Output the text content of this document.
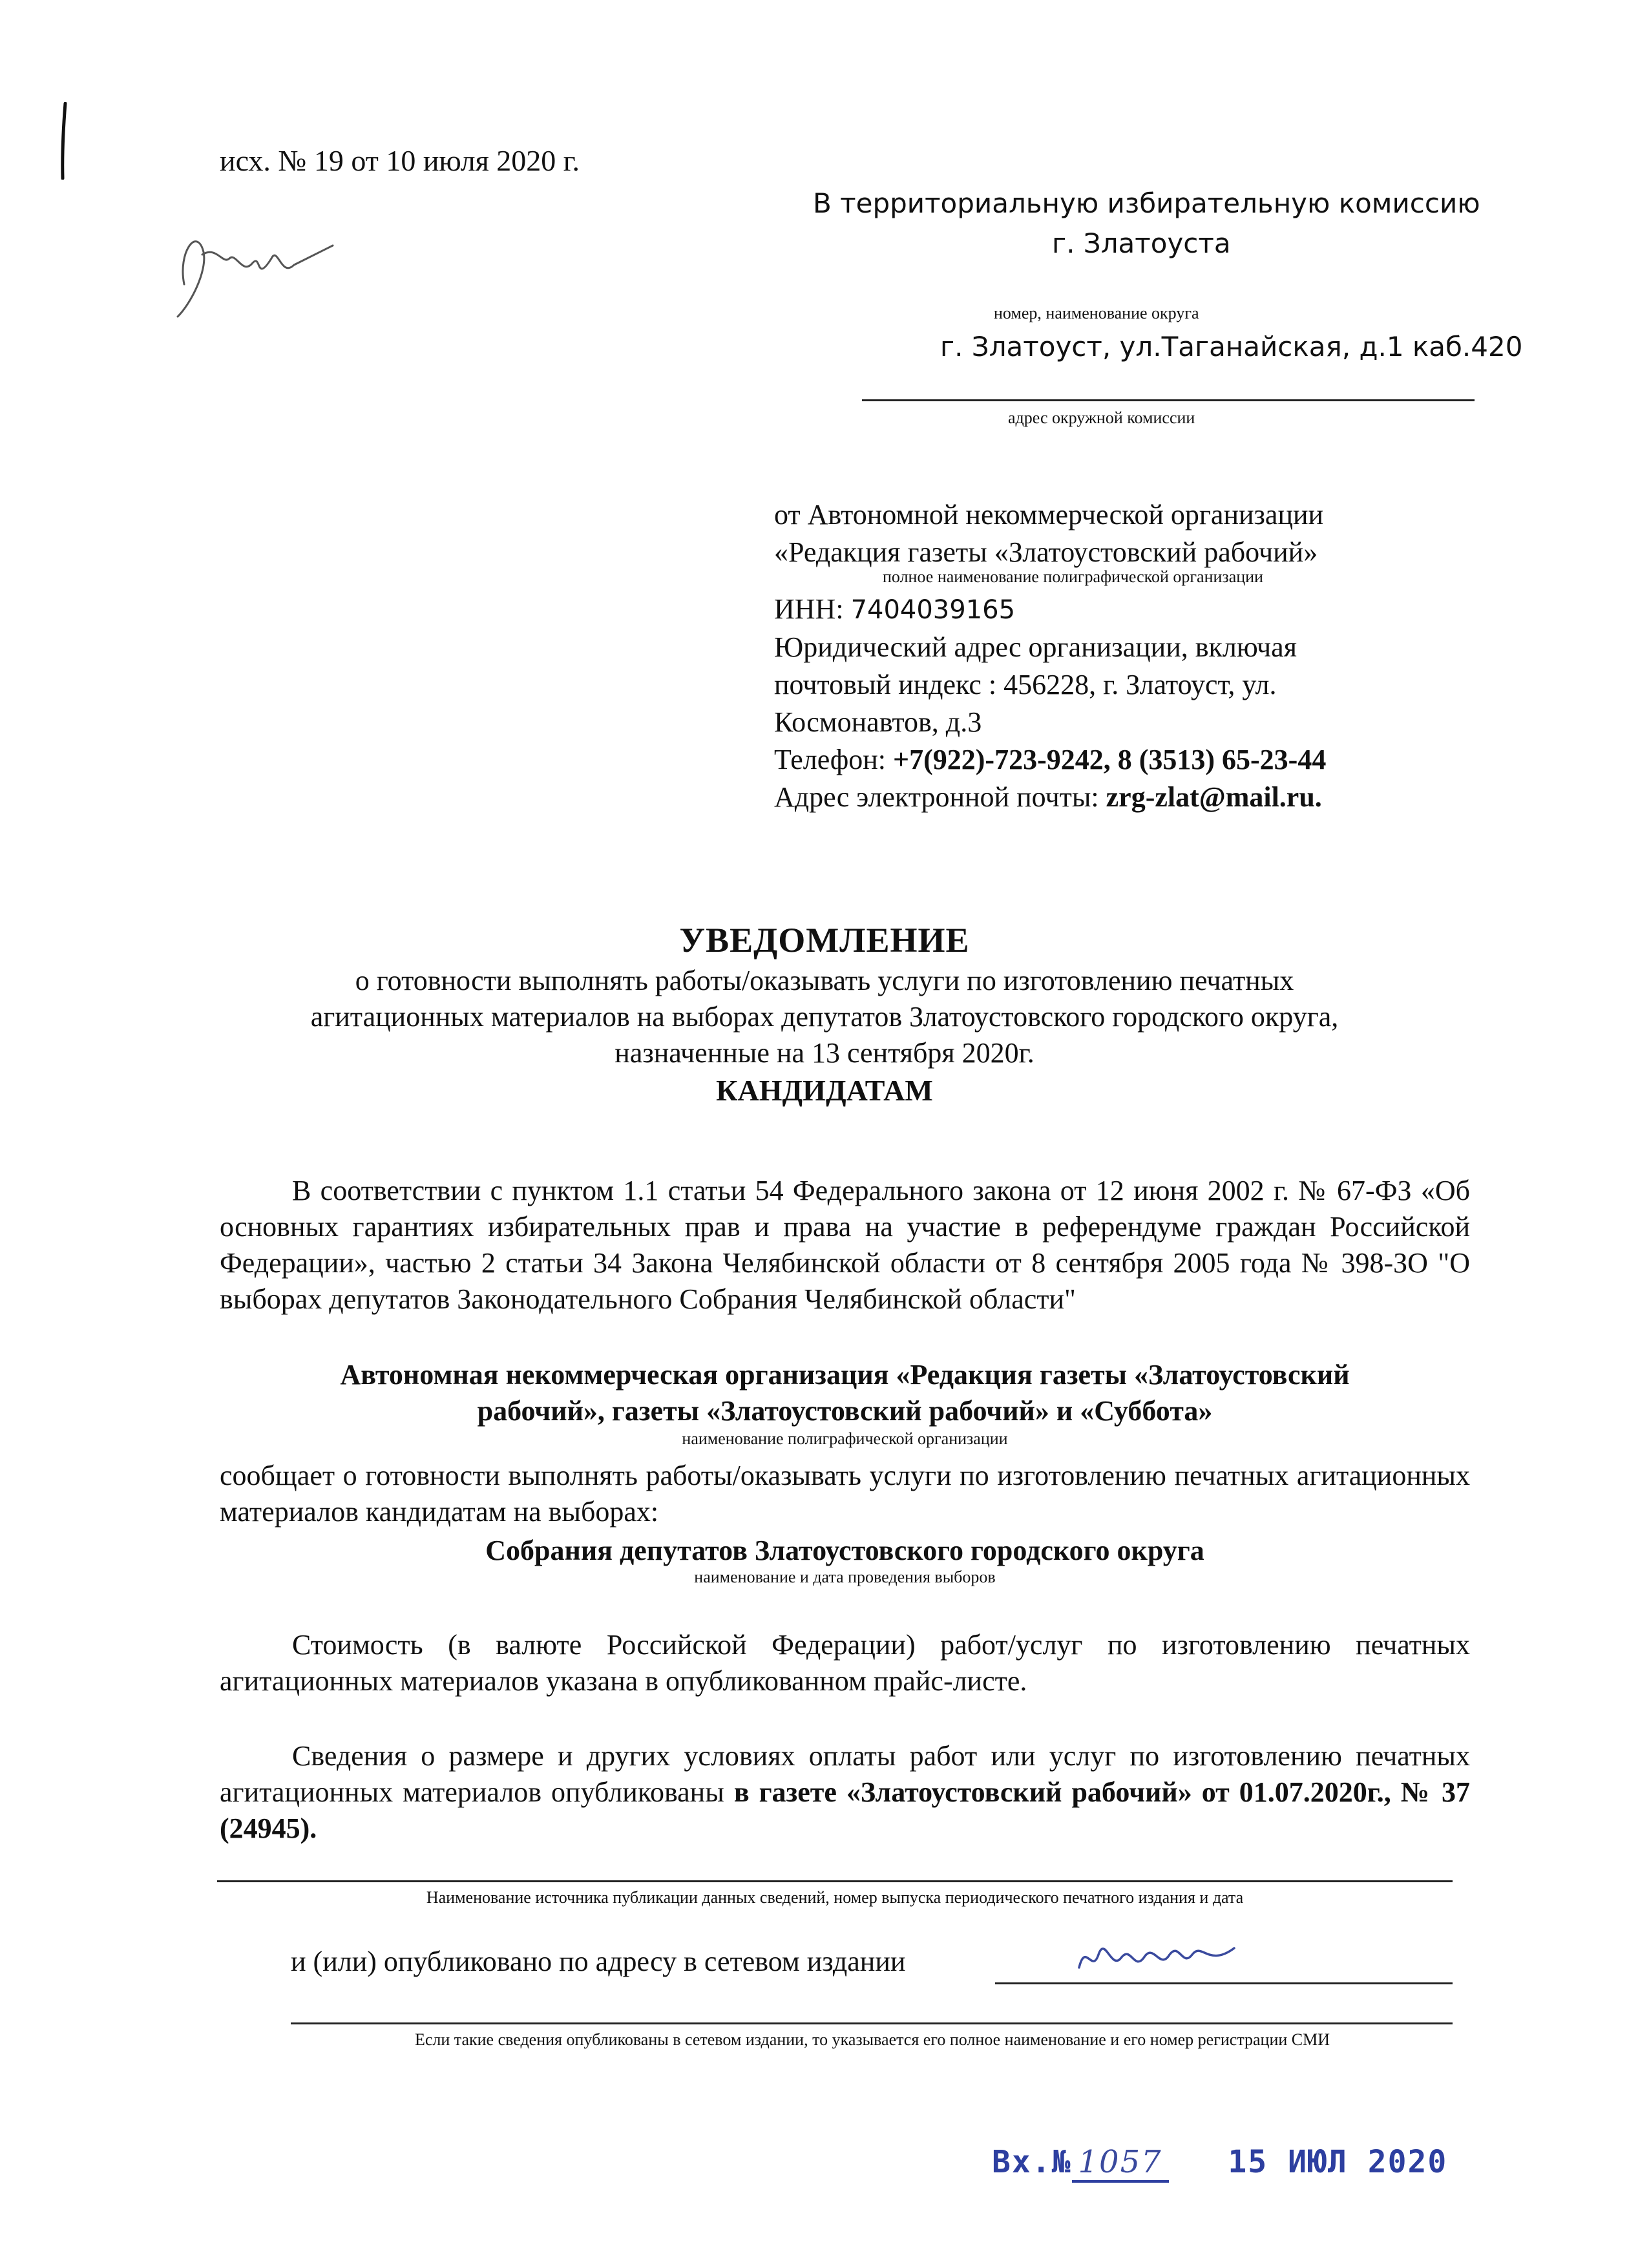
исх. № 19 от 10 июля 2020 г.
В территориальную избирательную комиссию
г. Златоуста
номер, наименование округа
г. Златоуст, ул.Таганайская, д.1 каб.420
адрес окружной комиссии
от Автономной некоммерческой организации
«Редакция газеты «Златоустовский рабочий»
полное наименование полиграфической организации
ИНН: 7404039165
Юридический адрес организации, включая
почтовый индекс : 456228, г. Златоуст, ул.
Космонавтов, д.3
Телефон: +7(922)-723-9242, 8 (3513) 65-23-44
Адрес электронной почты: zrg-zlat@mail.ru.
УВЕДОМЛЕНИЕ
о готовности выполнять работы/оказывать услуги по изготовлению печатных
агитационных материалов на выборах депутатов Златоустовского городского округа,
назначенные на 13 сентября 2020г.
КАНДИДАТАМ
В соответствии с пунктом 1.1 статьи 54 Федерального закона от 12 июня 2002 г. № 67-ФЗ «Об основных гарантиях избирательных прав и права на участие в референдуме граждан Российской Федерации», частью 2 статьи 34 Закона Челябинской области от 8 сентября 2005 года № 398-ЗО "О выборах депутатов Законодательного Собрания Челябинской области"
Автономная некоммерческая организация «Редакция газеты «Златоустовский
рабочий», газеты «Златоустовский рабочий» и «Суббота»
наименование полиграфической организации
сообщает о готовности выполнять работы/оказывать услуги по изготовлению печатных агитационных материалов кандидатам на выборах:
Собрания депутатов Златоустовского городского округа
наименование и дата проведения выборов
Стоимость (в валюте Российской Федерации) работ/услуг по изготовлению печатных агитационных материалов указана в опубликованном прайс-листе.
Сведения о размере и других условиях оплаты работ или услуг по изготовлению печатных агитационных материалов опубликованы в газете «Златоустовский рабочий» от 01.07.2020г., № 37 (24945).
Наименование источника публикации данных сведений, номер выпуска периодического печатного издания и дата
и (или) опубликовано по адресу в сетевом издании
Если такие сведения опубликованы в сетевом издании, то указывается его полное наименование и его номер регистрации СМИ
Вх.№ 1057 15 ИЮЛ 2020
